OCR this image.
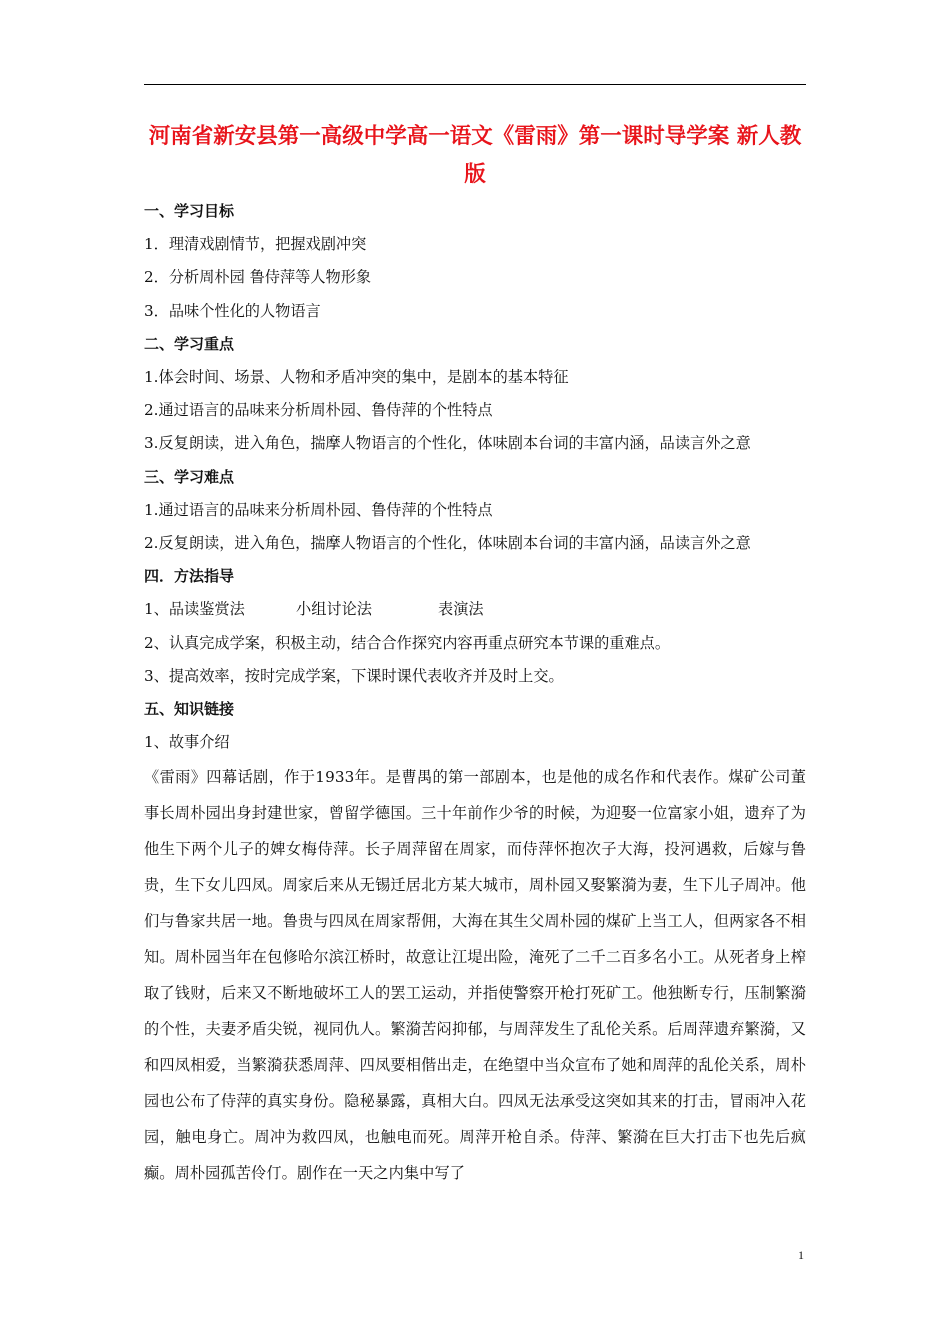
河南省新安县第一高级中学高一语文《雷雨》第一课时导学案 新人教版

一、学习目标

1．理清戏剧情节，把握戏剧冲突

2．分析周朴园 鲁侍萍等人物形象

3．品味个性化的人物语言

二、学习重点

1.体会时间、场景、人物和矛盾冲突的集中，是剧本的基本特征

2.通过语言的品味来分析周朴园、鲁侍萍的个性特点

3.反复朗读，进入角色，揣摩人物语言的个性化，体味剧本台词的丰富内涵，品读言外之意

三、学习难点

1.通过语言的品味来分析周朴园、鲁侍萍的个性特点

2.反复朗读，进入角色，揣摩人物语言的个性化，体味剧本台词的丰富内涵，品读言外之意

四．方法指导

1、品读鉴赏法	小组讨论法	表演法

2、认真完成学案，积极主动，结合合作探究内容再重点研究本节课的重难点。

3、提高效率，按时完成学案，下课时课代表收齐并及时上交。

五、知识链接

1、故事介绍

《雷雨》四幕话剧，作于1933年。是曹禺的第一部剧本，也是他的成名作和代表作。煤矿公司董事长周朴园出身封建世家，曾留学德国。三十年前作少爷的时候，为迎娶一位富家小姐，遗弃了为他生下两个儿子的婢女梅侍萍。长子周萍留在周家，而侍萍怀抱次子大海，投河遇救，后嫁与鲁贵，生下女儿四凤。周家后来从无锡迁居北方某大城市，周朴园又娶繁漪为妻，生下儿子周冲。他们与鲁家共居一地。鲁贵与四凤在周家帮佣，大海在其生父周朴园的煤矿上当工人，但两家各不相知。周朴园当年在包修哈尔滨江桥时，故意让江堤出险，淹死了二千二百多名小工。从死者身上榨取了钱财，后来又不断地破坏工人的罢工运动，并指使警察开枪打死矿工。他独断专行，压制繁漪的个性，夫妻矛盾尖锐，视同仇人。繁漪苦闷抑郁，与周萍发生了乱伦关系。后周萍遗弃繁漪，又和四凤相爱，当繁漪获悉周萍、四凤要相偕出走，在绝望中当众宣布了她和周萍的乱伦关系，周朴园也公布了侍萍的真实身份。隐秘暴露，真相大白。四凤无法承受这突如其来的打击，冒雨冲入花园，触电身亡。周冲为救四凤，也触电而死。周萍开枪自杀。侍萍、繁漪在巨大打击下也先后疯癫。周朴园孤苦伶仃。剧作在一天之内集中写了

1
